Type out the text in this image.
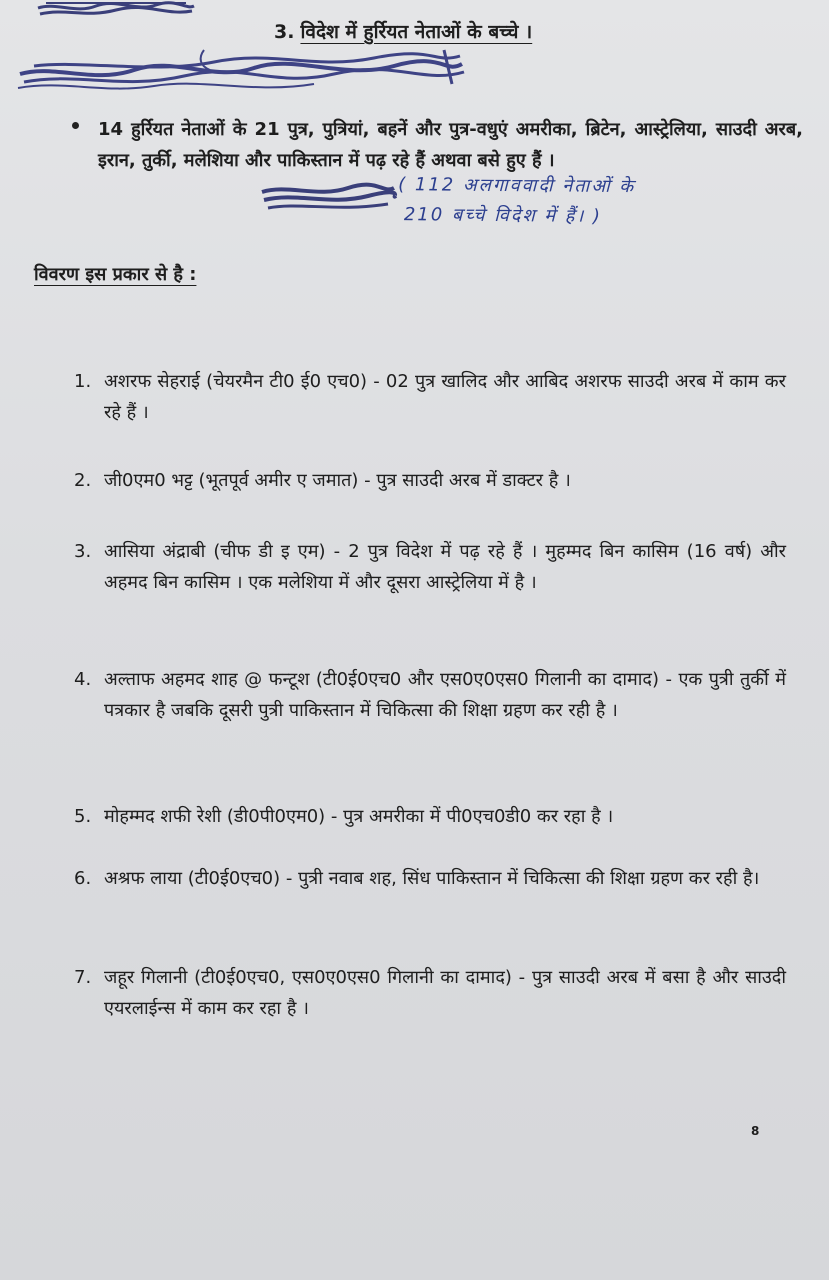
3. विदेश में हुर्रियत नेताओं के बच्चे ।
14 हुर्रियत नेताओं के 21 पुत्र, पुत्रियां, बहनें और पुत्र-वधुएं अमरीका, ब्रिटेन, आस्ट्रेलिया, साउदी अरब, इरान, तुर्की, मलेशिया और पाकिस्तान में पढ़ रहे हैं अथवा बसे हुए हैं ।
( 112 अलगाववादी नेताओं के
210 बच्चे विदेश में हैं। )
विवरण इस प्रकार से है :
1. अशरफ सेहराई (चेयरमैन टी0 ई0 एच0) - 02 पुत्र खालिद और आबिद अशरफ साउदी अरब में काम कर रहे हैं ।
2. जी0एम0 भट्ट (भूतपूर्व अमीर ए जमात) - पुत्र साउदी अरब में डाक्टर है ।
3. आसिया अंद्राबी (चीफ डी इ एम) - 2 पुत्र विदेश में पढ़ रहे हैं । मुहम्मद बिन कासिम (16 वर्ष) और अहमद बिन कासिम । एक मलेशिया में और दूसरा आस्ट्रेलिया में है ।
4. अल्ताफ अहमद शाह @ फन्टूश (टी0ई0एच0 और एस0ए0एस0 गिलानी का दामाद) - एक पुत्री तुर्की में पत्रकार है जबकि दूसरी पुत्री पाकिस्तान में चिकित्सा की शिक्षा ग्रहण कर रही है ।
5. मोहम्मद शफी रेशी (डी0पी0एम0) - पुत्र अमरीका में पी0एच0डी0 कर रहा है ।
6. अश्रफ लाया (टी0ई0एच0) - पुत्री नवाब शह, सिंध पाकिस्तान में चिकित्सा की शिक्षा ग्रहण कर रही है।
7. जहूर गिलानी (टी0ई0एच0, एस0ए0एस0 गिलानी का दामाद) - पुत्र साउदी अरब में बसा है और साउदी एयरलाईन्स में काम कर रहा है ।
8
